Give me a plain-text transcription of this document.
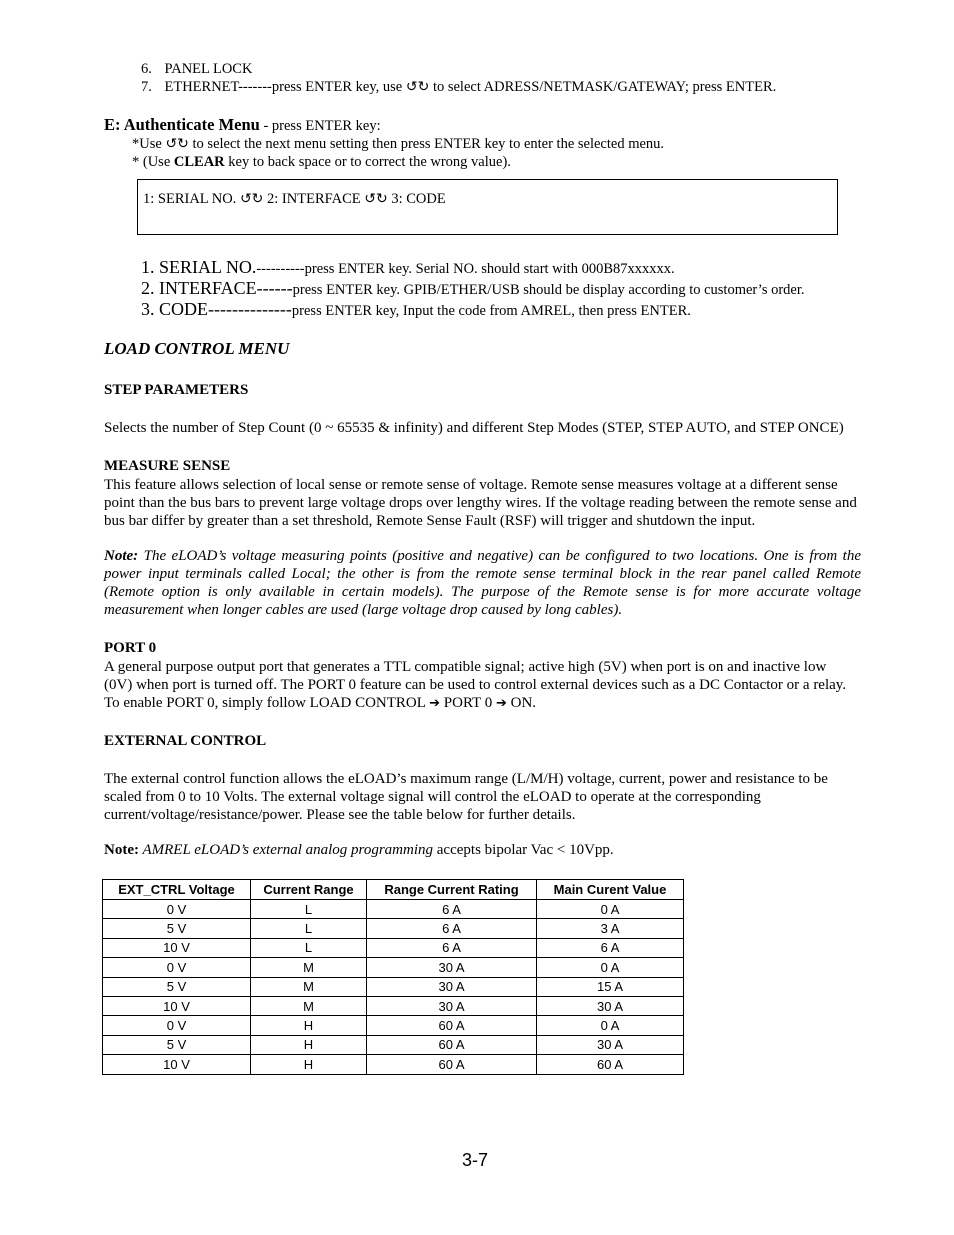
6. PANEL LOCK
7. ETHERNET-------press ENTER key, use ↺↻ to select ADRESS/NETMASK/GATEWAY; press ENTER.
E: Authenticate Menu - press ENTER key:
*Use ↺↻ to select the next menu setting then press ENTER key to enter the selected menu.
* (Use CLEAR key to back space or to correct the wrong value).
1: SERIAL NO. ↺↻ 2: INTERFACE ↺↻ 3: CODE
1. SERIAL NO.----------press ENTER key. Serial NO. should start with 000B87xxxxxx.
2. INTERFACE------press ENTER key. GPIB/ETHER/USB should be display according to customer’s order.
3. CODE--------------press ENTER key, Input the code from AMREL, then press ENTER.
LOAD CONTROL MENU
STEP PARAMETERS
Selects the number of Step Count (0 ~ 65535 & infinity) and different Step Modes (STEP, STEP AUTO, and STEP ONCE)
MEASURE SENSE
This feature allows selection of local sense or remote sense of voltage. Remote sense measures voltage at a different sense point than the bus bars to prevent large voltage drops over lengthy wires. If the voltage reading between the remote sense and bus bar differ by greater than a set threshold, Remote Sense Fault (RSF) will trigger and shutdown the input.
Note: The eLOAD’s voltage measuring points (positive and negative) can be configured to two locations. One is from the power input terminals called Local; the other is from the remote sense terminal block in the rear panel called Remote (Remote option is only available in certain models). The purpose of the Remote sense is for more accurate voltage measurement when longer cables are used (large voltage drop caused by long cables).
PORT 0
A general purpose output port that generates a TTL compatible signal; active high (5V) when port is on and inactive low (0V) when port is turned off. The PORT 0 feature can be used to control external devices such as a DC Contactor or a relay. To enable PORT 0, simply follow LOAD CONTROL ➔ PORT 0 ➔ ON.
EXTERNAL CONTROL
The external control function allows the eLOAD’s maximum range (L/M/H) voltage, current, power and resistance to be scaled from 0 to 10 Volts. The external voltage signal will control the eLOAD to operate at the corresponding current/voltage/resistance/power. Please see the table below for further details.
Note: AMREL eLOAD’s external analog programming accepts bipolar Vac < 10Vpp.
EXT_CTRL Voltage	Current Range	Range Current Rating	Main Curent Value
0 V	L	6 A	0 A
5 V	L	6 A	3 A
10 V	L	6 A	6 A
0 V	M	30 A	0 A
5 V	M	30 A	15 A
10 V	M	30 A	30 A
0 V	H	60 A	0 A
5 V	H	60 A	30 A
10 V	H	60 A	60 A
3-7
